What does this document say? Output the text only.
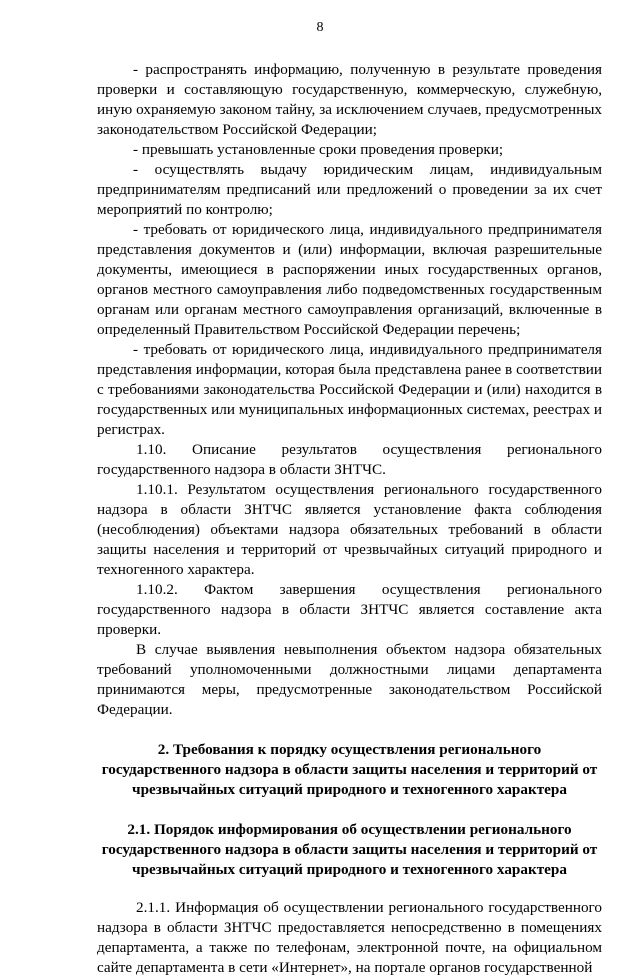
8

- распространять информацию, полученную в результате проведения проверки и составляющую государственную, коммерческую, служебную, иную охраняемую законом тайну, за исключением случаев, предусмотренных законодательством Российской Федерации;

- превышать установленные сроки проведения проверки;

- осуществлять выдачу юридическим лицам, индивидуальным предпринимателям предписаний или предложений о проведении за их счет мероприятий по контролю;

- требовать от юридического лица, индивидуального предпринимателя представления документов и (или) информации, включая разрешительные документы, имеющиеся в распоряжении иных государственных органов, органов местного самоуправления либо подведомственных государственным органам или органам местного самоуправления организаций, включенные в определенный Правительством Российской Федерации перечень;

- требовать от юридического лица, индивидуального предпринимателя представления информации, которая была представлена ранее в соответствии с требованиями законодательства Российской Федерации и (или) находится в государственных или муниципальных информационных системах, реестрах и регистрах.

1.10. Описание результатов осуществления регионального

государственного надзора в области ЗНТЧС.

1.10.1. Результатом осуществления регионального государственного надзора в области ЗНТЧС является установление факта соблюдения (несоблюдения) объектами надзора обязательных требований в области защиты населения и территорий от чрезвычайных ситуаций природного и техногенного характера.

1.10.2. Фактом завершения осуществления регионального

государственного надзора в области ЗНТЧС является составление акта проверки.

В случае выявления невыполнения объектом надзора обязательных требований уполномоченными должностными лицами департамента принимаются меры, предусмотренные законодательством Российской Федерации.

2. Требования к порядку осуществления регионального государственного надзора в области защиты населения и территорий от чрезвычайных ситуаций природного и техногенного характера

2.1. Порядок информирования об осуществлении регионального государственного надзора в области защиты населения и территорий от чрезвычайных ситуаций природного и техногенного характера

2.1.1. Информация об осуществлении регионального государственного надзора в области ЗНТЧС предоставляется непосредственно в помещениях департамента, а также по телефонам, электронной почте, на официальном сайте департамента в сети «Интернет», на портале органов государственной
